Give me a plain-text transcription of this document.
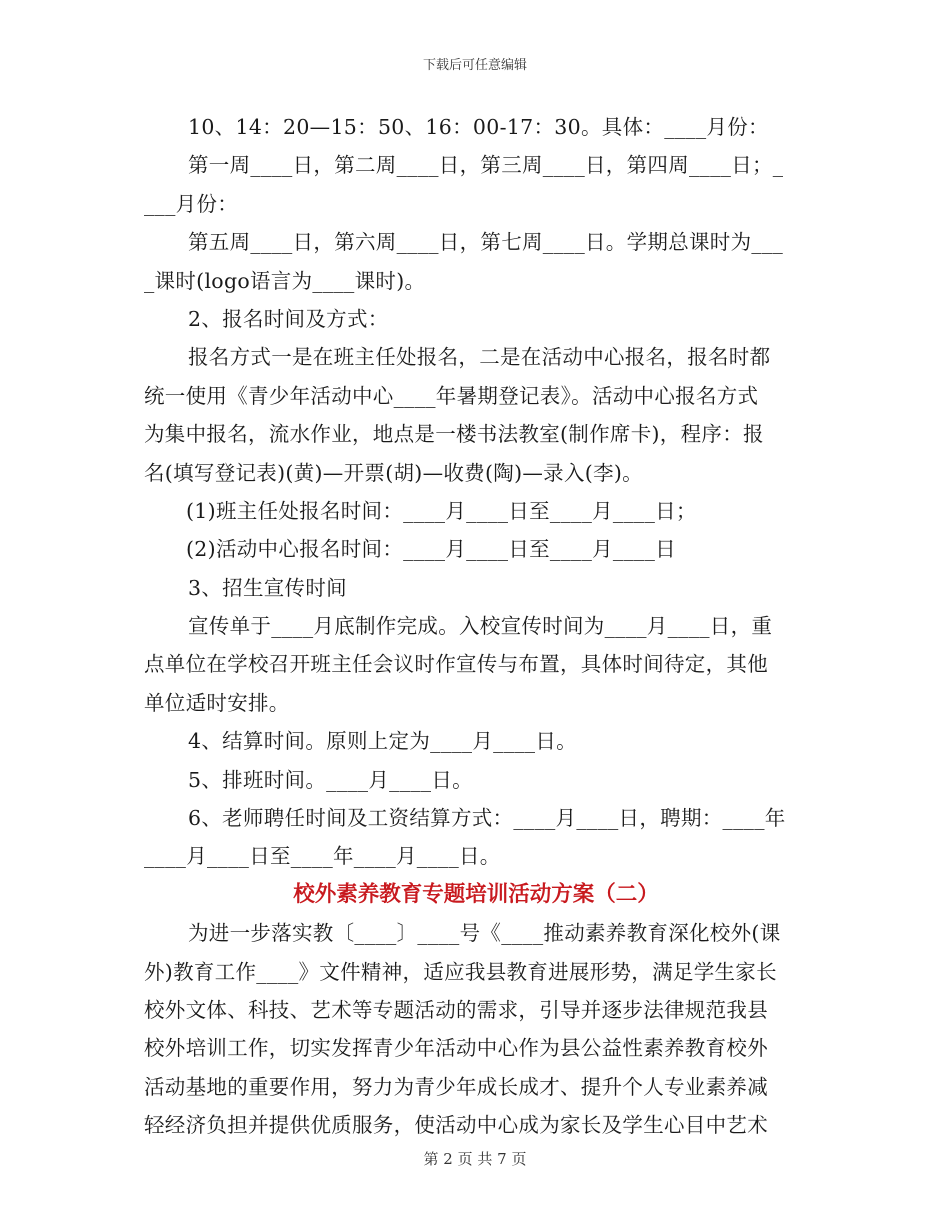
下载后可任意编辑
10、14：20—15：50、16：00-17：30。具体：____月份：
第一周____日，第二周____日，第三周____日，第四周____日；_
___月份：
第五周____日，第六周____日，第七周____日。学期总课时为___
_课时(logo语言为____课时)。
2、报名时间及方式：
报名方式一是在班主任处报名，二是在活动中心报名，报名时都
统一使用《青少年活动中心____年暑期登记表》。活动中心报名方式
为集中报名，流水作业，地点是一楼书法教室(制作席卡)，程序：报
名(填写登记表)(黄)—开票(胡)—收费(陶)—录入(李)。
(1)班主任处报名时间：____月____日至____月____日；
(2)活动中心报名时间：____月____日至____月____日
3、招生宣传时间
宣传单于____月底制作完成。入校宣传时间为____月____日，重
点单位在学校召开班主任会议时作宣传与布置，具体时间待定，其他
单位适时安排。
4、结算时间。原则上定为____月____日。
5、排班时间。____月____日。
6、老师聘任时间及工资结算方式：____月____日，聘期：____年
____月____日至____年____月____日。
校外素养教育专题培训活动方案（二）
为进一步落实教〔____〕____号《____推动素养教育深化校外(课
外)教育工作____》文件精神，适应我县教育进展形势，满足学生家长
校外文体、科技、艺术等专题活动的需求，引导并逐步法律规范我县
校外培训工作，切实发挥青少年活动中心作为县公益性素养教育校外
活动基地的重要作用，努力为青少年成长成才、提升个人专业素养减
轻经济负担并提供优质服务，使活动中心成为家长及学生心目中艺术
第 2 页 共 7 页
